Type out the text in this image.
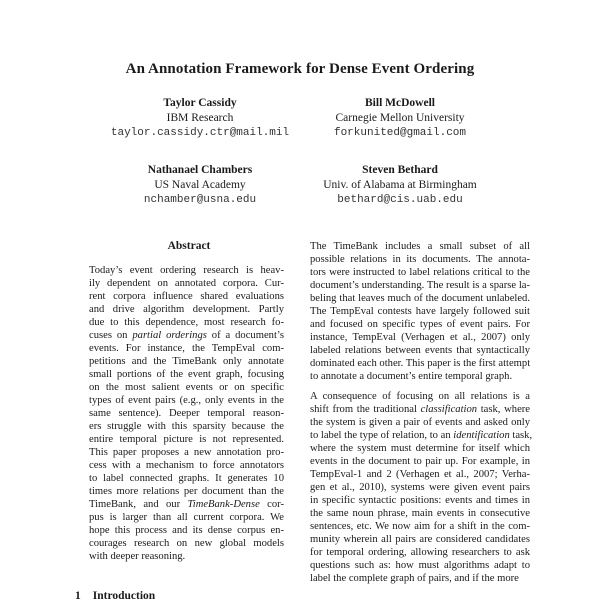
An Annotation Framework for Dense Event Ordering
Taylor Cassidy
IBM Research
taylor.cassidy.ctr@mail.mil
Bill McDowell
Carnegie Mellon University
forkunited@gmail.com
Nathanael Chambers
US Naval Academy
nchamber@usna.edu
Steven Bethard
Univ. of Alabama at Birmingham
bethard@cis.uab.edu
Abstract
Today’s event ordering research is heav-
ily dependent on annotated corpora. Cur-
rent corpora influence shared evaluations
and drive algorithm development. Partly
due to this dependence, most research fo-
cuses on partial orderings of a document’s
events. For instance, the TempEval com-
petitions and the TimeBank only annotate
small portions of the event graph, focusing
on the most salient events or on specific
types of event pairs (e.g., only events in the
same sentence). Deeper temporal reason-
ers struggle with this sparsity because the
entire temporal picture is not represented.
This paper proposes a new annotation pro-
cess with a mechanism to force annotators
to label connected graphs. It generates 10
times more relations per document than the
TimeBank, and our TimeBank-Dense cor-
pus is larger than all current corpora. We
hope this process and its dense corpus en-
courages research on new global models
with deeper reasoning.
The TimeBank includes a small subset of all
possible relations in its documents. The annota-
tors were instructed to label relations critical to the
document’s understanding. The result is a sparse la-
beling that leaves much of the document unlabeled.
The TempEval contests have largely followed suit
and focused on specific types of event pairs. For
instance, TempEval (Verhagen et al., 2007) only
labeled relations between events that syntactically
dominated each other. This paper is the first attempt
to annotate a document’s entire temporal graph.
A consequence of focusing on all relations is a
shift from the traditional classification task, where
the system is given a pair of events and asked only
to label the type of relation, to an identification task,
where the system must determine for itself which
events in the document to pair up. For example, in
TempEval-1 and 2 (Verhagen et al., 2007; Verha-
gen et al., 2010), systems were given event pairs
in specific syntactic positions: events and times in
the same noun phrase, main events in consecutive
sentences, etc. We now aim for a shift in the com-
munity wherein all pairs are considered candidates
for temporal ordering, allowing researchers to ask
questions such as: how must algorithms adapt to
label the complete graph of pairs, and if the more
1 Introduction
